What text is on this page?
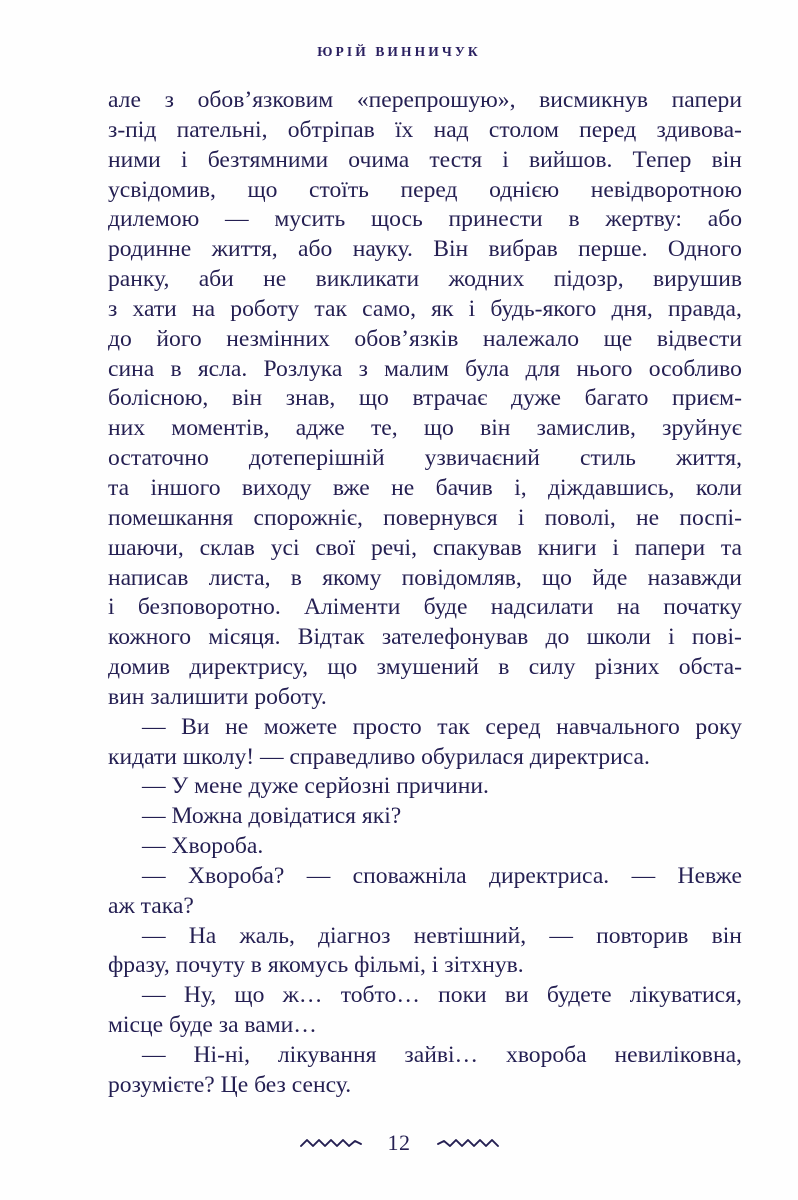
ЮРІЙ ВИННИЧУК
але з обов’язковим «перепрошую», висмикнув папери
з-під пательні, обтріпав їх над столом перед здивова-
ними і безтямними очима тестя і вийшов. Тепер він
усвідомив, що стоїть перед однією невідворотною
дилемою — мусить щось принести в жертву: або
родинне життя, або науку. Він вибрав перше. Одного
ранку, аби не викликати жодних підозр, вирушив
з хати на роботу так само, як і будь-якого дня, правда,
до його незмінних обов’язків належало ще відвести
сина в ясла. Розлука з малим була для нього особливо
болісною, він знав, що втрачає дуже багато приєм-
них моментів, адже те, що він замислив, зруйнує
остаточно дотеперішній узвичаєний стиль життя,
та іншого виходу вже не бачив і, діждавшись, коли
помешкання спорожніє, повернувся і поволі, не поспі-
шаючи, склав усі свої речі, спакував книги і папери та
написав листа, в якому повідомляв, що йде назавжди
і безповоротно. Аліменти буде надсилати на початку
кожного місяця. Відтак зателефонував до школи і пові-
домив директрису, що змушений в силу різних обста-
вин залишити роботу.
— Ви не можете просто так серед навчального року
кидати школу! — справедливо обурилася директриса.
— У мене дуже серйозні причини.
— Можна довідатися які?
— Хвороба.
— Хвороба? — споважніла директриса. — Невже
аж така?
— На жаль, діагноз невтішний, — повторив він
фразу, почуту в якомусь фільмі, і зітхнув.
— Ну, що ж… тобто… поки ви будете лікуватися,
місце буде за вами…
— Ні-ні, лікування зайві… хвороба невиліковна,
розумієте? Це без сенсу.
12
